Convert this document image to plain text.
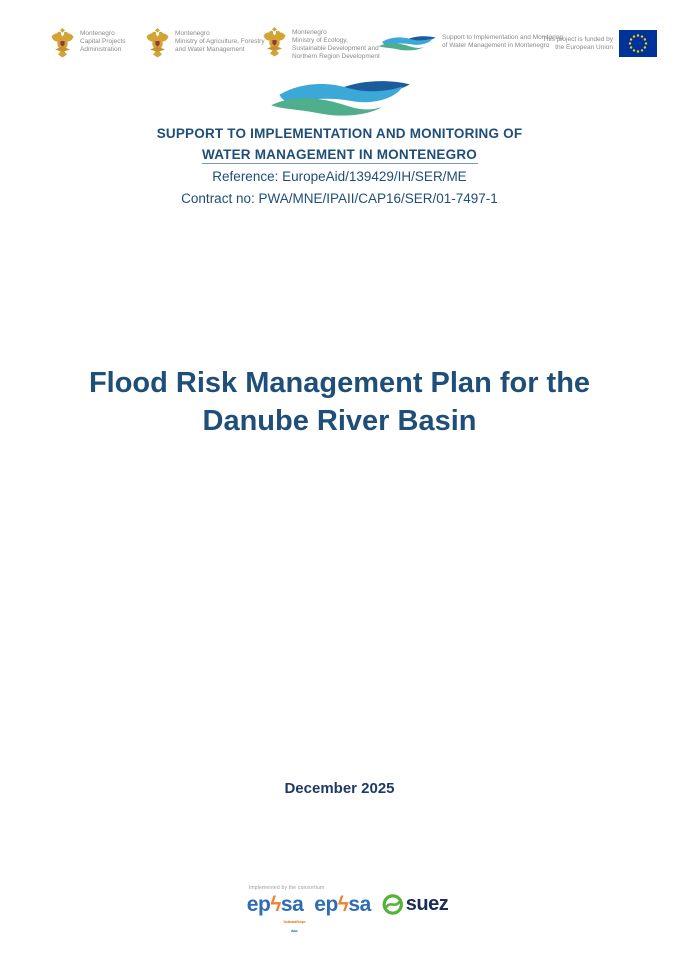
Montenegro
Capital Projects
Administration
Montenegro
Ministry of Agriculture, Forestry
and Water Management
Montenegro
Ministry of Ecology,
Sustainable Development and
Northern Region Development
Support to Implementation and Monitoring
of Water Management in Montenegro
This project is funded by
the European Union
SUPPORT TO IMPLEMENTATION AND MONITORING OF
WATER MANAGEMENT IN MONTENEGRO
Reference: EuropeAid/139429/IH/SER/ME
Contract no: PWA/MNE/IPAII/CAP16/SER/01-7497-1
Flood Risk Management Plan for the
Danube River Basin
December 2025
Implemented by the consortium
epϟsa
Southeast Europe
d.o.o.
epϟsa suez
